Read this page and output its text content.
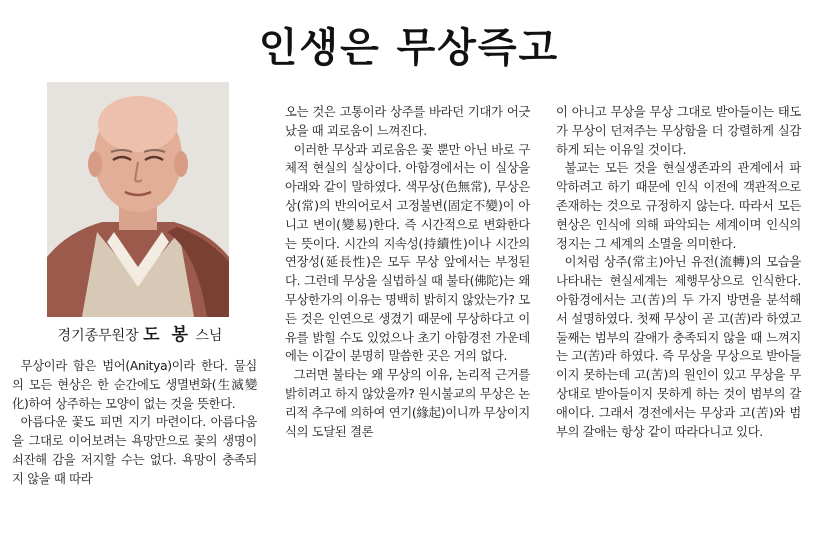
인생은 무상즉고
경기종무원장 도 봉 스님

무상이라 함은 범어(Anitya)이라 한다. 물심의 모든 현상은 한 순간에도 생멸변화(生滅變化)하여 상주하는 모양이 없는 것을 뜻한다.

아름다운 꽃도 피면 지기 마련이다. 아름다움을 그대로 이어보려는 욕망만으로 꽃의 생명이 쇠잔해 감을 저지할 수는 없다. 욕망이 충족되지 않을 때 따라

오는 것은 고통이라 상주를 바라던 기대가 어긋났을 때 괴로움이 느껴진다.

이러한 무상과 괴로움은 꽃 뿐만 아닌 바로 구체적 현실의 실상이다. 아함경에서는 이 실상을 아래와 같이 말하였다. 색무상(色無常), 무상은 상(常)의 반의어로서 고정불변(固定不變)이 아니고 변이(變易)한다. 즉 시간적으로 변화한다는 뜻이다. 시간의 지속성(持續性)이나 시간의 연장성(延長性)은 모두 무상 앞에서는 부정된다. 그런데 무상을 실법하실 때 불타(佛陀)는 왜 무상한가의 이유는 명백히 밝히지 않았는가? 모든 것은 인연으로 생겼기 때문에 무상하다고 이유를 밝힐 수도 있었으나 초기 아함경전 가운데에는 이같이 분명히 말씀한 곳은 거의 없다.

그러면 불타는 왜 무상의 이유, 논리적 근거를 밝히려고 하지 않았을까? 원시불교의 무상은 논리적 추구에 의하여 연기(緣起)이니까 무상이지 식의 도달된 결론

이 아니고 무상을 무상 그대로 받아들이는 태도가 무상이 던져주는 무상함을 더 강렬하게 실감하게 되는 이유일 것이다.

불교는 모든 것을 현실생존과의 관계에서 파악하려고 하기 때문에 인식 이전에 객관적으로 존재하는 것으로 규정하지 않는다. 따라서 모든 현상은 인식에 의해 파악되는 세계이며 인식의 정지는 그 세계의 소멸을 의미한다.

이처럼 상주(常主)아닌 유전(流轉)의 모습을 나타내는 현실세계는 제행무상으로 인식한다. 아함경에서는 고(苦)의 두 가지 방면을 분석해서 설명하였다. 첫째 무상이 곧 고(苦)라 하였고 둘째는 범부의 갈애가 충족되지 않을 때 느껴지는 고(苦)라 하였다. 즉 무상을 무상으로 받아들이지 못하는데 고(苦)의 원인이 있고 무상을 무상대로 받아들이지 못하게 하는 것이 범부의 갈애이다. 그래서 경전에서는 무상과 고(苦)와 범부의 갈애는 항상 같이 따라다니고 있다.
